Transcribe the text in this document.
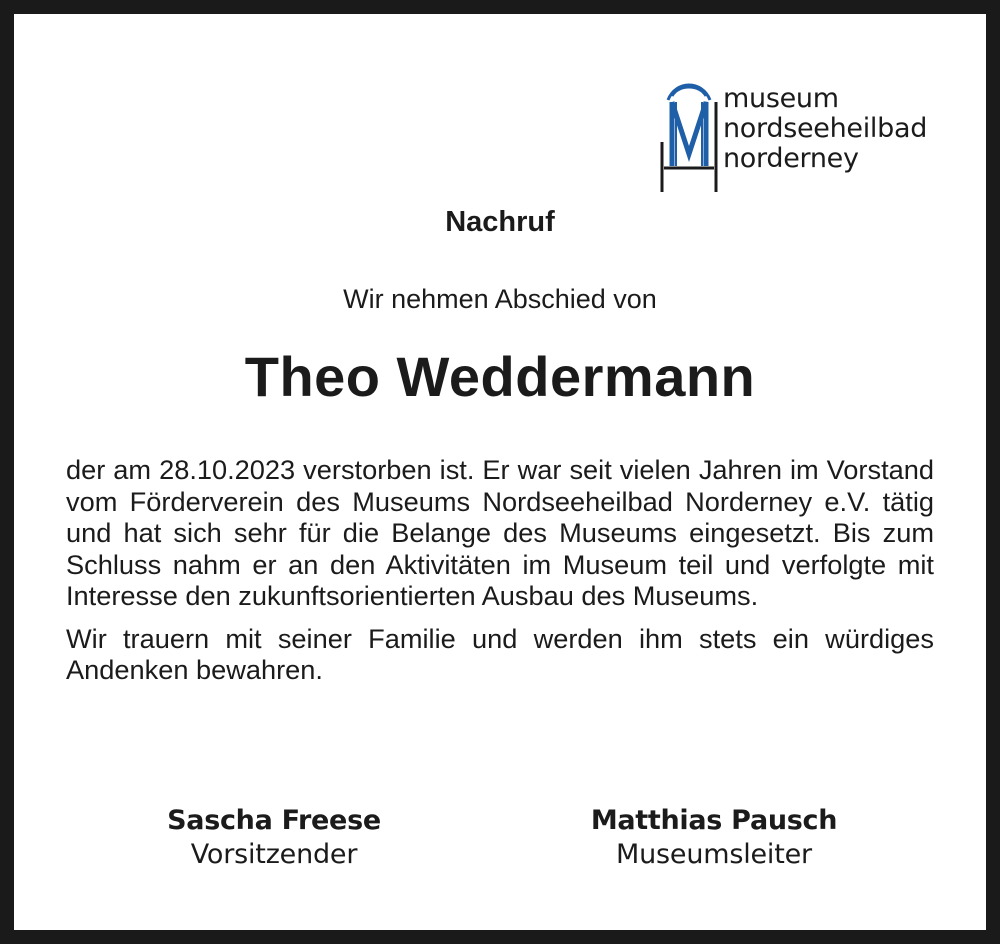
museum
nordseeheilbad
norderney
Nachruf
Wir nehmen Abschied von
Theo Weddermann

der am 28.10.2023 verstorben ist. Er war seit vielen Jahren im Vorstand vom Förderverein des Museums Nordseeheilbad Norderney e.V. tätig und hat sich sehr für die Belange des Museums eingesetzt. Bis zum Schluss nahm er an den Aktivitäten im Museum teil und verfolgte mit Interesse den zukunftsorientierten Ausbau des Museums.

Wir trauern mit seiner Familie und werden ihm stets ein würdiges Andenken bewahren.

Sascha Freese
Vorsitzender
Matthias Pausch
Museumsleiter
